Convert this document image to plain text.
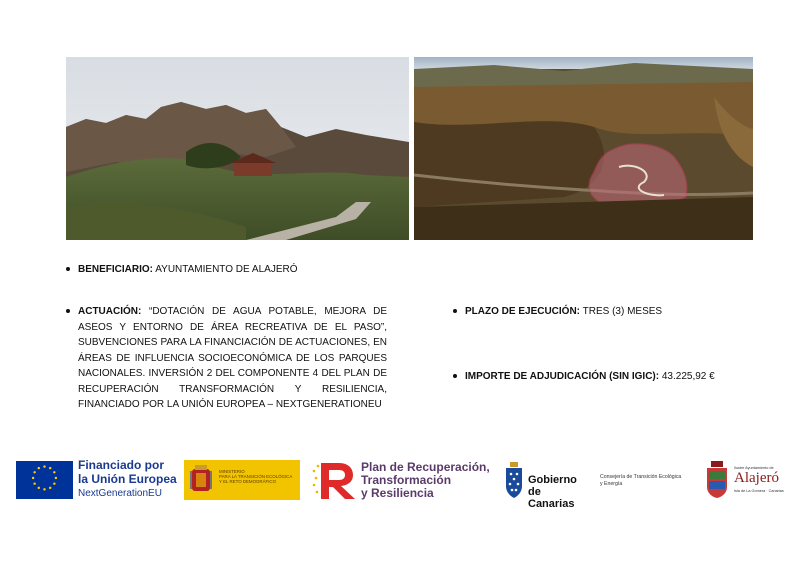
BENEFICIARIO: AYUNTAMIENTO DE ALAJERÓ
ACTUACIÓN: “DOTACIÓN DE AGUA POTABLE, MEJORA DE
ASEOS Y ENTORNO DE ÁREA RECREATIVA DE EL PASO”,
SUBVENCIONES PARA LA FINANCIACIÓN DE ACTUACIONES, EN
ÁREAS DE INFLUENCIA SOCIOECONÓMICA DE LOS PARQUES
NACIONALES. INVERSIÓN 2 DEL COMPONENTE 4 DEL PLAN DE
RECUPERACIÓN TRANSFORMACIÓN Y RESILIENCIA,
FINANCIADO POR LA UNIÓN EUROPEA – NEXTGENERATIONEU
PLAZO DE EJECUCIÓN: TRES (3) MESES
IMPORTE DE ADJUDICACIÓN (SIN IGIC): 43.225,92 €
Financiado por
la Unión Europea
NextGenerationEU
MINISTERIO
PARA LA TRANSICIÓN ECOLÓGICA
Y EL RETO DEMOGRÁFICO
Plan de Recuperación,
Transformación
y Resiliencia
Gobierno
de Canarias
Consejería de Transición Ecológica
y Energía
Ilustre Ayuntamiento de
Alajeró
Isla de La Gomera · Canarias
